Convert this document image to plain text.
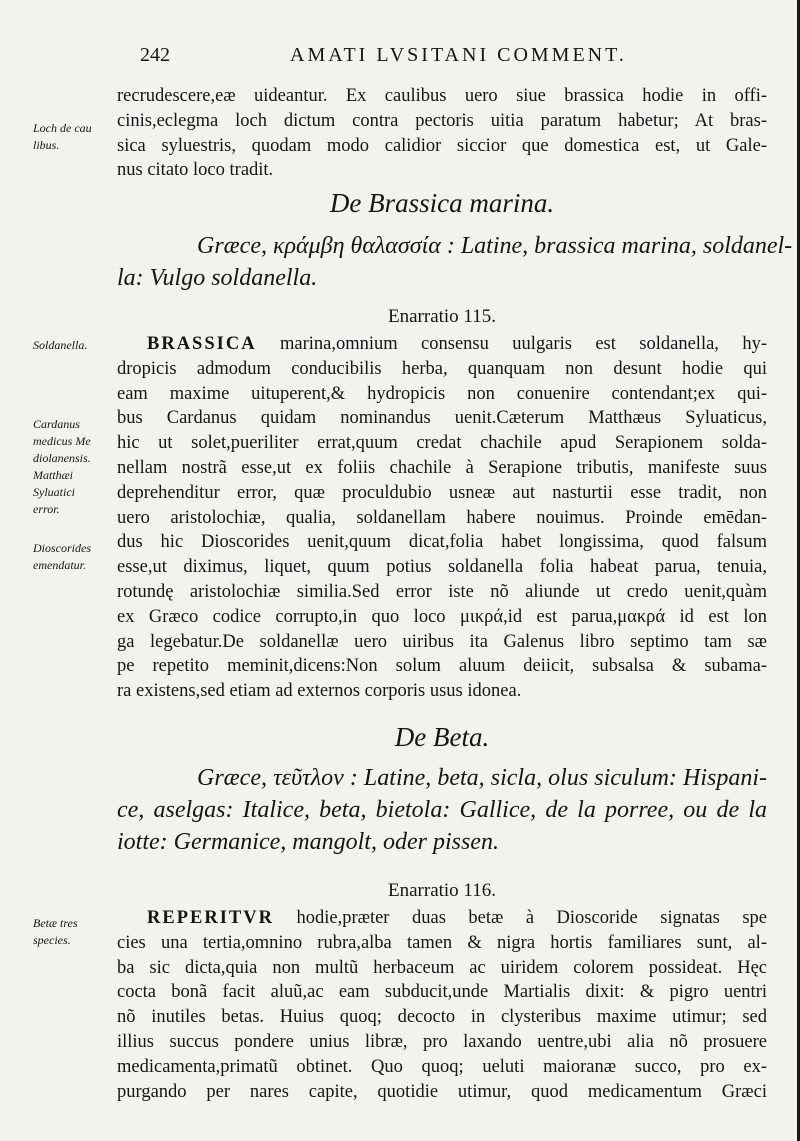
242	AMATI LVSITANI COMMENT.
Loch de cau
libus.
Soldanella.
Cardanus
medicus Me
diolanensis.
Matthæi
Syluatici
error.
Dioscorides
emendatur.
Betæ tres
species.
recrudescere,eæ uideantur. Ex caulibus uero siue brassica hodie in offi-
cinis,eclegma loch dictum contra pectoris uitia paratum habetur; At bras-
sica syluestris, quodam modo calidior siccior que domestica est, ut Gale-
nus citato loco tradit.
De Brassica marina.
Græce, κράμβη θαλασσία : Latine, brassica marina, soldanel-
la: Vulgo soldanella.
Enarratio 115.
BRASSICA marina,omnium consensu uulgaris est soldanella, hy-
dropicis admodum conducibilis herba, quanquam non desunt hodie qui
eam maxime uituperent,& hydropicis non conuenire contendant;ex qui-
bus Cardanus quidam nominandus uenit.Cæterum Matthæus Syluaticus,
hic ut solet,pueriliter errat,quum credat chachile apud Serapionem solda-
nellam nostrã esse,ut ex foliis chachile à Serapione tributis, manifeste suus
deprehenditur error, quæ proculdubio usneæ aut nasturtii esse tradit, non
uero aristolochiæ, qualia, soldanellam habere nouimus. Proinde emēdan-
dus hic Dioscorides uenit,quum dicat,folia habet longissima, quod falsum
esse,ut diximus, liquet, quum potius soldanella folia habeat parua, tenuia,
rotundę aristolochiæ similia.Sed error iste nõ aliunde ut credo uenit,quàm
ex Græco codice corrupto,in quo loco μικρά,id est parua,μακρά id est lon
ga legebatur.De soldanellæ uero uiribus ita Galenus libro septimo tam sæ
pe repetito meminit,dicens:Non solum aluum deiicit, subsalsa & subama-
ra existens,sed etiam ad externos corporis usus idonea.
De Beta.
Græce, τεῦτλον : Latine, beta, sicla, olus siculum: Hispani-
ce, aselgas: Italice, beta, bietola: Gallice, de la porree, ou de la
iotte: Germanice, mangolt, oder pissen.
Enarratio 116.
REPERITVR hodie,præter duas betæ à Dioscoride signatas spe
cies una tertia,omnino rubra,alba tamen & nigra hortis familiares sunt, al-
ba sic dicta,quia non multũ herbaceum ac uiridem colorem possideat. Hęc
cocta bonã facit aluũ,ac eam subducit,unde Martialis dixit: & pigro uentri
nõ inutiles betas. Huius quoq; decocto in clysteribus maxime utimur; sed
illius succus pondere unius libræ, pro laxando uentre,ubi alia nõ prosuere
medicamenta,primatũ obtinet. Quo quoq; ueluti maioranæ succo, pro ex-
purgando per nares capite, quotidie utimur, quod medicamentum Græci
